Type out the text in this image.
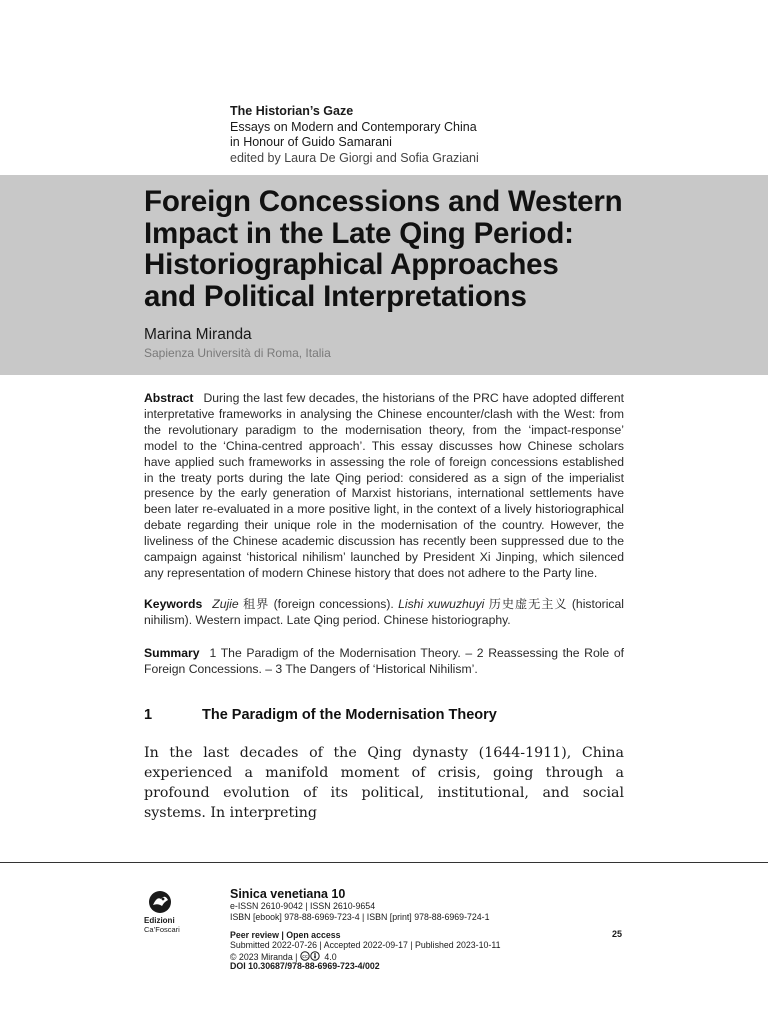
The Historian’s Gaze
Essays on Modern and Contemporary China
in Honour of Guido Samarani
edited by Laura De Giorgi and Sofia Graziani
Foreign Concessions and Western
Impact in the Late Qing Period:
Historiographical Approaches
and Political Interpretations
Marina Miranda
Sapienza Università di Roma, Italia
Abstract During the last few decades, the historians of the PRC have adopted different interpretative frameworks in analysing the Chinese encounter/clash with the West: from the revolutionary paradigm to the modernisation theory, from the ‘impact-response’ model to the ‘China-centred approach’. This essay discusses how Chinese scholars have applied such frameworks in assessing the role of foreign concessions established in the treaty ports during the late Qing period: considered as a sign of the imperialist presence by the early generation of Marxist historians, international settlements have been later re-evaluated in a more positive light, in the context of a lively historiographical debate regarding their unique role in the modernisation of the country. However, the liveliness of the Chinese academic discussion has recently been suppressed due to the campaign against ‘historical nihilism’ launched by President Xi Jinping, which silenced any representation of modern Chinese history that does not adhere to the Party line.
Keywords Zujie 租界 (foreign concessions). Lishi xuwuzhuyi 历史虚无主义 (historical nihilism). Western impact. Late Qing period. Chinese historiography.
Summary 1 The Paradigm of the Modernisation Theory. – 2 Reassessing the Role of Foreign Concessions. – 3 The Dangers of ‘Historical Nihilism’.
1	The Paradigm of the Modernisation Theory
In the last decades of the Qing dynasty (1644-1911), China experienced a manifold moment of crisis, going through a profound evolution of its political, institutional, and social systems. In interpreting
Edizioni
Ca’Foscari
Sinica venetiana 10
e-ISSN 2610-9042 | ISSN 2610-9654
ISBN [ebook] 978-88-6969-723-4 | ISBN [print] 978-88-6969-724-1
Peer review | Open access
Submitted 2022-07-26 | Accepted 2022-09-17 | Published 2023-10-11
© 2023 Miranda | cc 4.0
DOI 10.30687/978-88-6969-723-4/002
25
